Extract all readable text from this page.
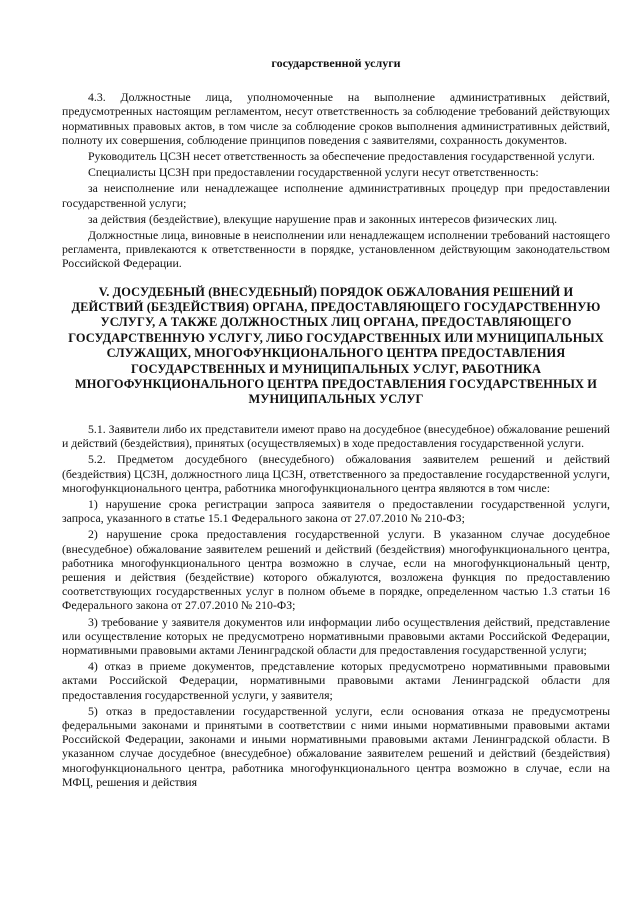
государственной услуги

4.3. Должностные лица, уполномоченные на выполнение административных действий, предусмотренных настоящим регламентом, несут ответственность за соблюдение требований действующих нормативных правовых актов, в том числе за соблюдение сроков выполнения административных действий, полноту их совершения, соблюдение принципов поведения с заявителями, сохранность документов.

Руководитель ЦСЗН несет ответственность за обеспечение предоставления государственной услуги.

Специалисты ЦСЗН при предоставлении государственной услуги несут ответственность:

за неисполнение или ненадлежащее исполнение административных процедур при предоставлении государственной услуги;

за действия (бездействие), влекущие нарушение прав и законных интересов физических лиц.

Должностные лица, виновные в неисполнении или ненадлежащем исполнении требований настоящего регламента, привлекаются к ответственности в порядке, установленном действующим законодательством Российской Федерации.

V. ДОСУДЕБНЫЙ (ВНЕСУДЕБНЫЙ) ПОРЯДОК ОБЖАЛОВАНИЯ РЕШЕНИЙ И ДЕЙСТВИЙ (БЕЗДЕЙСТВИЯ) ОРГАНА, ПРЕДОСТАВЛЯЮЩЕГО ГОСУДАРСТВЕННУЮ УСЛУГУ, А ТАКЖЕ ДОЛЖНОСТНЫХ ЛИЦ ОРГАНА, ПРЕДОСТАВЛЯЮЩЕГО ГОСУДАРСТВЕННУЮ УСЛУГУ, ЛИБО ГОСУДАРСТВЕННЫХ ИЛИ МУНИЦИПАЛЬНЫХ СЛУЖАЩИХ, МНОГОФУНКЦИОНАЛЬНОГО ЦЕНТРА ПРЕДОСТАВЛЕНИЯ ГОСУДАРСТВЕННЫХ И МУНИЦИПАЛЬНЫХ УСЛУГ, РАБОТНИКА МНОГОФУНКЦИОНАЛЬНОГО ЦЕНТРА ПРЕДОСТАВЛЕНИЯ ГОСУДАРСТВЕННЫХ И МУНИЦИПАЛЬНЫХ УСЛУГ

5.1. Заявители либо их представители имеют право на досудебное (внесудебное) обжалование решений и действий (бездействия), принятых (осуществляемых) в ходе предоставления государственной услуги.

5.2. Предметом досудебного (внесудебного) обжалования заявителем решений и действий (бездействия) ЦСЗН, должностного лица ЦСЗН, ответственного за предоставление государственной услуги, многофункционального центра, работника многофункционального центра являются в том числе:

1) нарушение срока регистрации запроса заявителя о предоставлении государственной услуги, запроса, указанного в статье 15.1 Федерального закона от 27.07.2010 № 210-ФЗ;

2) нарушение срока предоставления государственной услуги. В указанном случае досудебное (внесудебное) обжалование заявителем решений и действий (бездействия) многофункционального центра, работника многофункционального центра возможно в случае, если на многофункциональный центр, решения и действия (бездействие) которого обжалуются, возложена функция по предоставлению соответствующих государственных услуг в полном объеме в порядке, определенном частью 1.3 статьи 16 Федерального закона от 27.07.2010 № 210-ФЗ;

3) требование у заявителя документов или информации либо осуществления действий, представление или осуществление которых не предусмотрено нормативными правовыми актами Российской Федерации, нормативными правовыми актами Ленинградской области для предоставления государственной услуги;

4) отказ в приеме документов, представление которых предусмотрено нормативными правовыми актами Российской Федерации, нормативными правовыми актами Ленинградской области для предоставления государственной услуги, у заявителя;

5) отказ в предоставлении государственной услуги, если основания отказа не предусмотрены федеральными законами и принятыми в соответствии с ними иными нормативными правовыми актами Российской Федерации, законами и иными нормативными правовыми актами Ленинградской области. В указанном случае досудебное (внесудебное) обжалование заявителем решений и действий (бездействия) многофункционального центра, работника многофункционального центра возможно в случае, если на МФЦ, решения и действия
